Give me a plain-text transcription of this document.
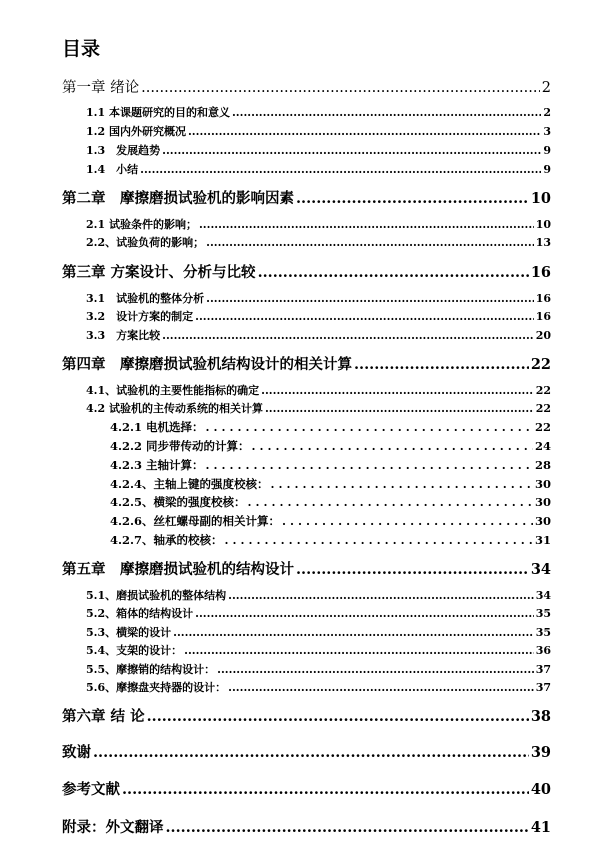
目录
第一章 绪论 .....	2
1.1 本课题研究的目的和意义 .....	2
1.2 国内外研究概况 .....	3
1.3　发展趋势 .....	9
1.4　小结 .....	9
第二章　摩擦磨损试验机的影响因素 .....	10
2.1 试验条件的影响； .....	10
2.2、试验负荷的影响； .....	13
第三章 方案设计、分析与比较 .....	16
3.1　试验机的整体分析 .....	16
3.2　设计方案的制定 .....	16
3.3　方案比较 .....	20
第四章　摩擦磨损试验机结构设计的相关计算 .....	22
4.1、试验机的主要性能指标的确定 .....	22
4.2 试验机的主传动系统的相关计算 .....	22
4.2.1 电机选择： . . .	22
4.2.2 同步带传动的计算： . . .	24
4.2.3 主轴计算： . . .	28
4.2.4、主轴上键的强度校核： . . .	30
4.2.5、横梁的强度校核： . . .	30
4.2.6、丝杠螺母副的相关计算： . . .	30
4.2.7、轴承的校核： . . .	31
第五章　摩擦磨损试验机的结构设计 .....	34
5.1、磨损试验机的整体结构 .....	34
5.2、箱体的结构设计 .....	35
5.3、横梁的设计 .....	35
5.4、支架的设计： .....	36
5.5、摩擦销的结构设计： .....	37
5.6、摩擦盘夹持器的设计： .....	37
第六章 结 论 .....	38
致谢 .....	39
参考文献 .....	40
附录：外文翻译 .....	41
